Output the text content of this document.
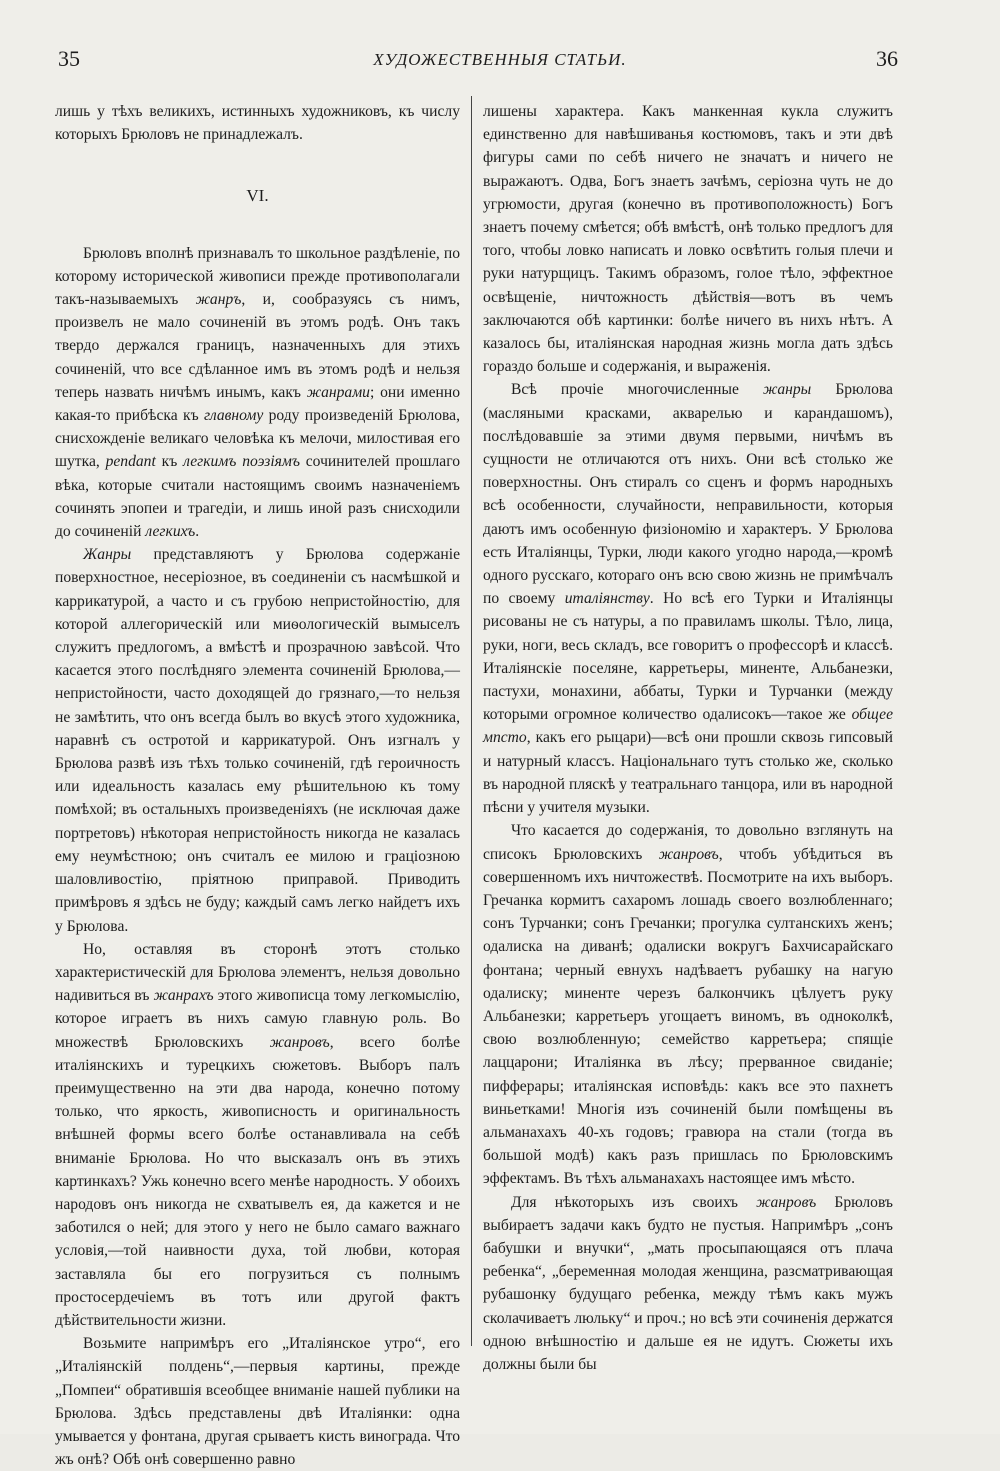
35	ХУДОЖЕСТВЕННЫЯ СТАТЬИ.	36

лишь у тѣхъ великихъ, истинныхъ художниковъ, къ числу которыхъ Брюловъ не принадлежалъ.

VI.

Брюловъ вполнѣ признавалъ то школьное раздѣленіе, по которому исторической живописи прежде противополагали такъ-называемыхъ жанръ, и, сообразуясь съ нимъ, произвелъ не мало сочиненій въ этомъ родѣ. Онъ такъ твердо держался границъ, назначенныхъ для этихъ сочиненій, что все сдѣланное имъ въ этомъ родѣ и нельзя теперь назвать ничѣмъ инымъ, какъ жанрами; они именно какая-то прибѣска къ главному роду произведеній Брюлова, снисхожденіе великаго человѣка къ мелочи, милостивая его шутка, pendant къ легкимъ поэзіямъ сочинителей прошлаго вѣка, которые считали настоящимъ своимъ назначеніемъ сочинять эпопеи и трагедіи, и лишь иной разъ снисходили до сочиненій легкихъ.

Жанры представляютъ у Брюлова содержаніе поверхностное, несеріозное, въ соединеніи съ насмѣшкой и каррикатурой, а часто и съ грубою непристойностію, для которой аллегорическій или миѳологическій вымыселъ служитъ предлогомъ, а вмѣстѣ и прозрачною завѣсой. Что касается этого послѣдняго элемента сочиненій Брюлова,—непристойности, часто доходящей до грязнаго,—то нельзя не замѣтить, что онъ всегда былъ во вкусѣ этого художника, наравнѣ съ остротой и каррикатурой. Онъ изгналъ у Брюлова развѣ изъ тѣхъ только сочиненій, гдѣ героичность или идеальность казалась ему рѣшительною къ тому помѣхой; въ остальныхъ произведеніяхъ (не исключая даже портретовъ) нѣкоторая непристойность никогда не казалась ему неумѣстною; онъ считалъ ее милою и граціозною шаловливостію, пріятною приправой. Приводить примѣровъ я здѣсь не буду; каждый самъ легко найдетъ ихъ у Брюлова.

Но, оставляя въ сторонѣ этотъ столько характеристическій для Брюлова элементъ, нельзя довольно надивиться въ жанрахъ этого живописца тому легкомыслію, которое играетъ въ нихъ самую главную роль. Во множествѣ Брюловскихъ жанровъ, всего болѣе италіянскихъ и турецкихъ сюжетовъ. Выборъ палъ преимущественно на эти два народа, конечно потому только, что яркость, живописность и оригинальность внѣшней формы всего болѣе останавливала на себѣ вниманіе Брюлова. Но что высказалъ онъ въ этихъ картинкахъ? Ужь конечно всего менѣе народность. У обоихъ народовъ онъ никогда не схватывелъ ея, да кажется и не заботился о ней; для этого у него не было самаго важнаго условія,—той наивности духа, той любви, которая заставляла бы его погрузиться съ полнымъ простосердечіемъ въ тотъ или другой фактъ дѣйствительности жизни.

Возьмите напримѣръ его „Италіянское утро“, его „Италіянскій полдень“,—первыя картины, прежде „Помпеи“ обратившія всеобщее вниманіе нашей публики на Брюлова. Здѣсь представлены двѣ Италіянки: одна умывается у фонтана, другая срываетъ кисть винограда. Что жъ онѣ? Обѣ онѣ совершенно равно

лишены характера. Какъ манкенная кукла служитъ единственно для навѣшиванья костюмовъ, такъ и эти двѣ фигуры сами по себѣ ничего не значатъ и ничего не выражаютъ. Одва, Богъ знаетъ зачѣмъ, серіозна чуть не до угрюмости, другая (конечно въ противоположность) Богъ знаетъ почему смѣется; обѣ вмѣстѣ, онѣ только предлогъ для того, чтобы ловко написать и ловко освѣтить голыя плечи и руки натурщицъ. Такимъ образомъ, голое тѣло, эффектное освѣщеніе, ничтожность дѣйствія—вотъ въ чемъ заключаются обѣ картинки: болѣе ничего въ нихъ нѣтъ. А казалось бы, италіянская народная жизнь могла дать здѣсь гораздо больше и содержанія, и выраженія.

Всѣ прочіе многочисленные жанры Брюлова (масляными красками, акварелью и карандашомъ), послѣдовавшіе за этими двумя первыми, ничѣмъ въ сущности не отличаются отъ нихъ. Они всѣ столько же поверхностны. Онъ стиралъ со сценъ и формъ народныхъ всѣ особенности, случайности, неправильности, которыя даютъ имъ особенную физіономію и характеръ. У Брюлова есть Италіянцы, Турки, люди какого угодно народа,—кромѣ одного русскаго, котораго онъ всю свою жизнь не примѣчалъ по своему италіянству. Но всѣ его Турки и Италіянцы рисованы не съ натуры, а по правиламъ школы. Тѣло, лица, руки, ноги, весь складъ, все говоритъ о профессорѣ и классѣ. Италіянскіе поселяне, карретьеры, миненте, Альбанезки, пастухи, монахини, аббаты, Турки и Турчанки (между которыми огромное количество одалисокъ—такое же общее мпсто, какъ его рыцари)—всѣ они прошли сквозь гипсовый и натурный классъ. Національнаго тутъ столько же, сколько въ народной пляскѣ у театральнаго танцора, или въ народной пѣсни у учителя музыки.

Что касается до содержанія, то довольно взглянуть на списокъ Брюловскихъ жанровъ, чтобъ убѣдиться въ совершенномъ ихъ ничтожествѣ. Посмотрите на ихъ выборъ. Гречанка кормитъ сахаромъ лошадь своего возлюбленнаго; сонъ Турчанки; сонъ Гречанки; прогулка султанскихъ женъ; одалиска на диванѣ; одалиски вокругъ Бахчисарайскаго фонтана; черный евнухъ надѣваетъ рубашку на нагую одалиску; миненте черезъ балкончикъ цѣлуетъ руку Альбанезки; карретьеръ угощаетъ виномъ, въ одноколкѣ, свою возлюбленную; семейство карретьера; спящіе лаццарони; Италіянка въ лѣсу; прерванное свиданіе; пифферары; италіянская исповѣдь: какъ все это пахнетъ виньетками! Многія изъ сочиненій были помѣщены въ альманахахъ 40-хъ годовъ; гравюра на стали (тогда въ большой модѣ) какъ разъ пришлась по Брюловскимъ эффектамъ. Въ тѣхъ альманахахъ настоящее имъ мѣсто.

Для нѣкоторыхъ изъ своихъ жанровъ Брюловъ выбираетъ задачи какъ будто не пустыя. Напримѣръ „сонъ бабушки и внучки“, „мать просыпающаяся отъ плача ребенка“, „беременная молодая женщина, разсматривающая рубашонку будущаго ребенка, между тѣмъ какъ мужъ сколачиваетъ люльку“ и проч.; но всѣ эти сочиненія держатся одною внѣшностію и дальше ея не идутъ. Сюжеты ихъ должны были бы
